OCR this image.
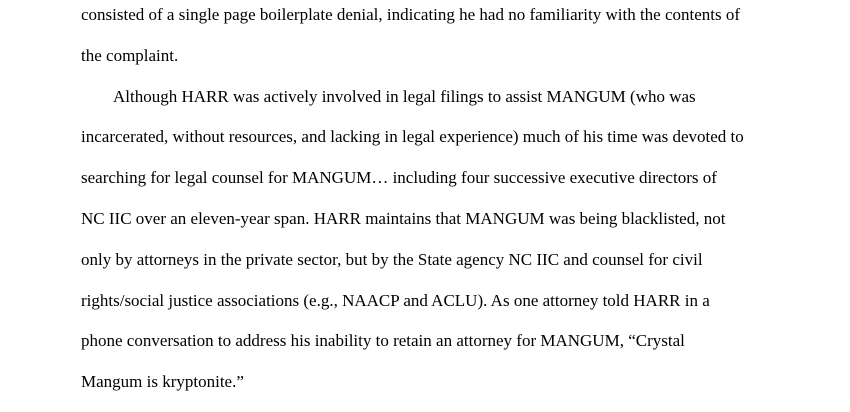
consisted of a single page boilerplate denial, indicating he had no familiarity with the contents of
the complaint.
Although HARR was actively involved in legal filings to assist MANGUM (who was
incarcerated, without resources, and lacking in legal experience) much of his time was devoted to
searching for legal counsel for MANGUM… including four successive executive directors of
NC IIC over an eleven-year span. HARR maintains that MANGUM was being blacklisted, not
only by attorneys in the private sector, but by the State agency NC IIC and counsel for civil
rights/social justice associations (e.g., NAACP and ACLU). As one attorney told HARR in a
phone conversation to address his inability to retain an attorney for MANGUM, “Crystal
Mangum is kryptonite.”
